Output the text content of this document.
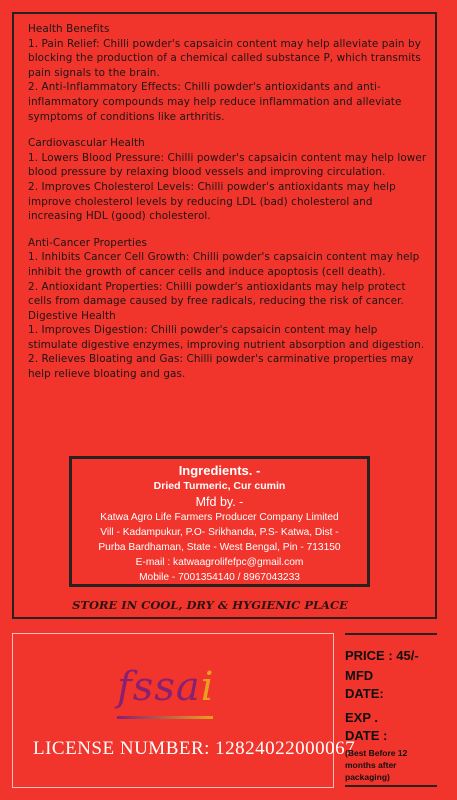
Health Benefits

1. Pain Relief: Chilli powder's capsaicin content may help alleviate pain by blocking the production of a chemical called substance P, which transmits pain signals to the brain.

2. Anti-Inflammatory Effects: Chilli powder's antioxidants and anti-inflammatory compounds may help reduce inflammation and alleviate symptoms of conditions like arthritis.

Cardiovascular Health

1. Lowers Blood Pressure: Chilli powder's capsaicin content may help lower blood pressure by relaxing blood vessels and improving circulation.

2. Improves Cholesterol Levels: Chilli powder's antioxidants may help improve cholesterol levels by reducing LDL (bad) cholesterol and increasing HDL (good) cholesterol.

Anti-Cancer Properties

1. Inhibits Cancer Cell Growth: Chilli powder's capsaicin content may help inhibit the growth of cancer cells and induce apoptosis (cell death).

2. Antioxidant Properties: Chilli powder's antioxidants may help protect cells from damage caused by free radicals, reducing the risk of cancer.

Digestive Health

1. Improves Digestion: Chilli powder's capsaicin content may help stimulate digestive enzymes, improving nutrient absorption and digestion.

2. Relieves Bloating and Gas: Chilli powder's carminative properties may help relieve bloating and gas.

Ingredients. -
Dried Turmeric, Cur cumin
Mfd by. -
Katwa Agro Life Farmers Producer Company Limited
Vill - Kadampukur, P.O- Srikhanda, P.S- Katwa, Dist -
Purba Bardhaman, State - West Bengal, Pin - 713150
E-mail : katwaagrolifefpc@gmail.com
Mobile - 7001354140 / 8967043233
STORE IN COOL, DRY & HYGIENIC PLACE
fssai
LICENSE NUMBER: 12824022000067
PRICE : 45/-
MFD
DATE:
EXP .
DATE :
(Best Before 12 months after packaging)
